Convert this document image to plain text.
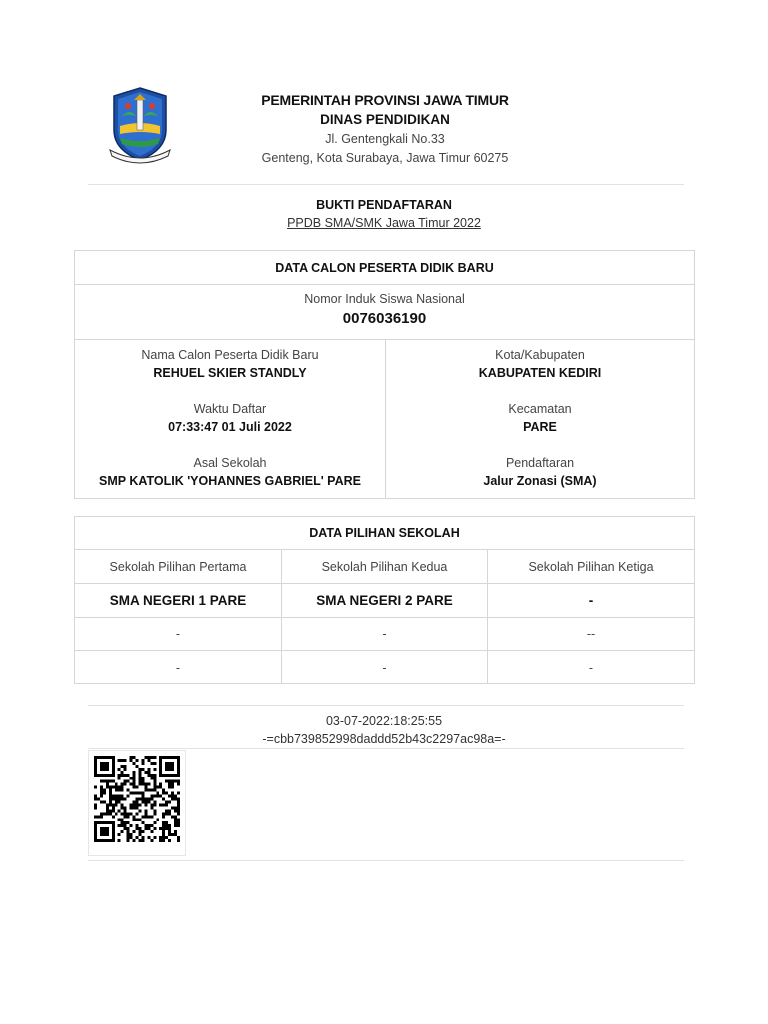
PEMERINTAH PROVINSI JAWA TIMUR
DINAS PENDIDIKAN
Jl. Gentengkali No.33
Genteng, Kota Surabaya, Jawa Timur 60275
BUKTI PENDAFTARAN
PPDB SMA/SMK Jawa Timur 2022
DATA CALON PESERTA DIDIK BARU
Nomor Induk Siswa Nasional
0076036190
Nama Calon Peserta Didik Baru
REHUEL SKIER STANDLY
Waktu Daftar
07:33:47 01 Juli 2022
Asal Sekolah
SMP KATOLIK 'YOHANNES GABRIEL' PARE
Kota/Kabupaten
KABUPATEN KEDIRI
Kecamatan
PARE
Pendaftaran
Jalur Zonasi (SMA)
DATA PILIHAN SEKOLAH
Sekolah Pilihan Pertama	Sekolah Pilihan Kedua	Sekolah Pilihan Ketiga
SMA NEGERI 1 PARE	SMA NEGERI 2 PARE	-
-	-	--
-	-	-
03-07-2022:18:25:55
-=cbb739852998daddd52b43c2297ac98a=-
